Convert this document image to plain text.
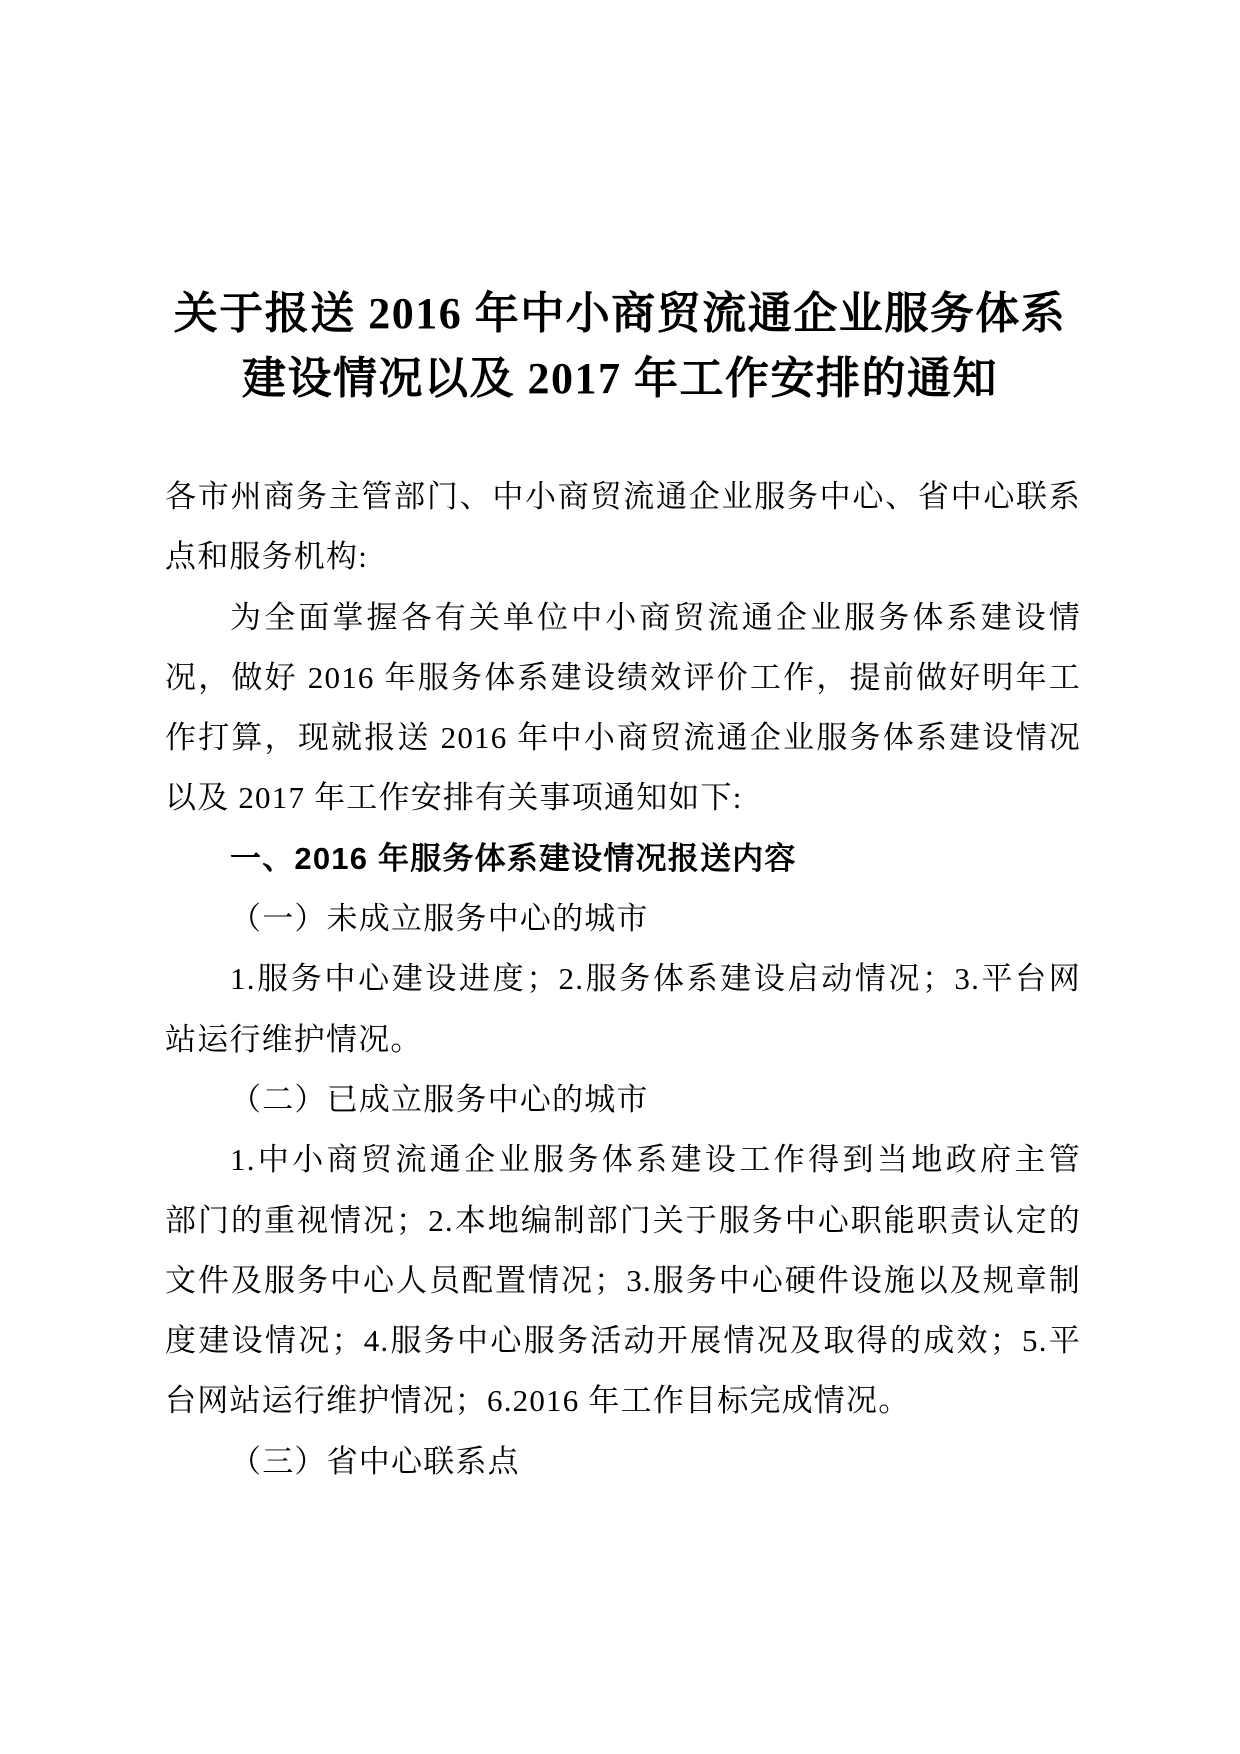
关于报送 2016 年中小商贸流通企业服务体系
建设情况以及 2017 年工作安排的通知
各市州商务主管部门、中小商贸流通企业服务中心、省中心联系
点和服务机构:
为全面掌握各有关单位中小商贸流通企业服务体系建设情
况，做好 2016 年服务体系建设绩效评价工作，提前做好明年工
作打算，现就报送 2016 年中小商贸流通企业服务体系建设情况
以及 2017 年工作安排有关事项通知如下:
一、2016 年服务体系建设情况报送内容
（一）未成立服务中心的城市
1.服务中心建设进度；2.服务体系建设启动情况；3.平台网
站运行维护情况。
（二）已成立服务中心的城市
1.中小商贸流通企业服务体系建设工作得到当地政府主管
部门的重视情况；2.本地编制部门关于服务中心职能职责认定的
文件及服务中心人员配置情况；3.服务中心硬件设施以及规章制
度建设情况；4.服务中心服务活动开展情况及取得的成效；5.平
台网站运行维护情况；6.2016 年工作目标完成情况。
（三）省中心联系点
